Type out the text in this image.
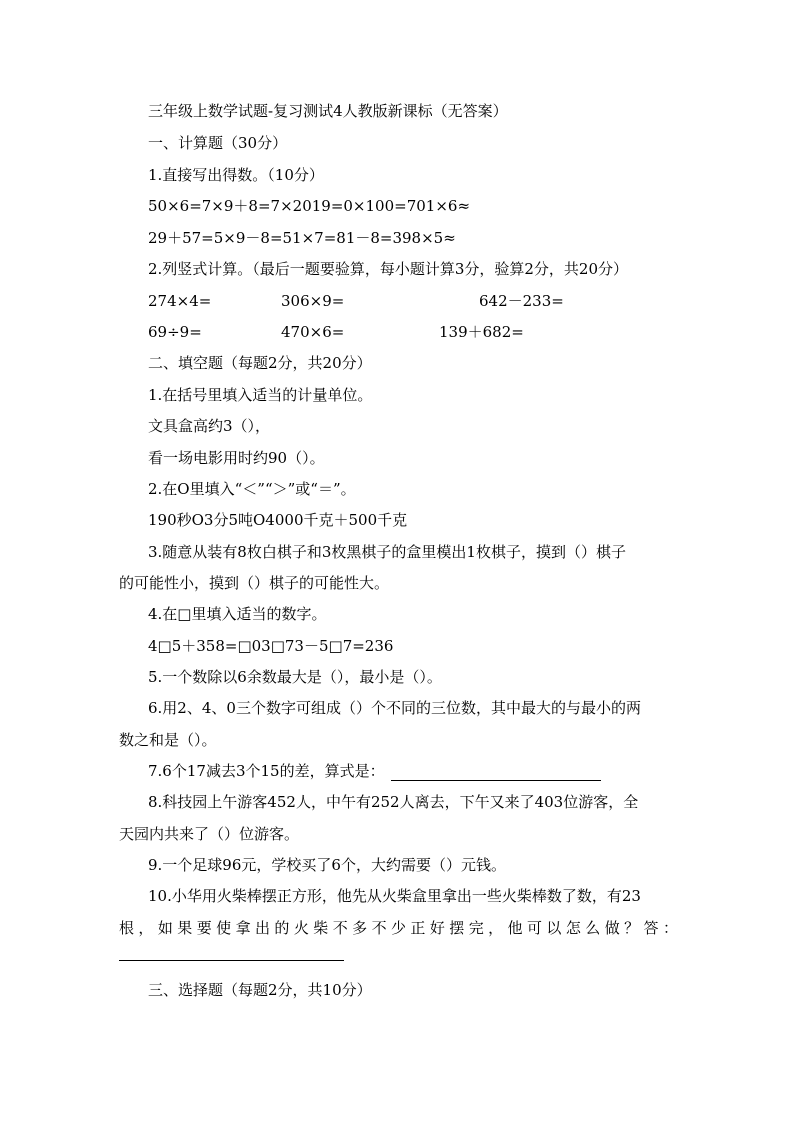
三年级上数学试题-复习测试4人教版新课标（无答案）
一、计算题（30分）
1.直接写出得数。（10分）
50×6=7×9＋8=7×2019=0×100=701×6≈
29＋57=5×9－8=51×7=81－8=398×5≈
2.列竖式计算。（最后一题要验算，每小题计算3分，验算2分，共20分）
274×4=	306×9=	642－233=
69÷9=	470×6=	139＋682=
二、填空题（每题2分，共20分）
1.在括号里填入适当的计量单位。
文具盒高约3（），
看一场电影用时约90（）。
2.在O里填入“＜”“＞”或“＝”。
190秒O3分5吨O4000千克＋500千克
3.随意从装有8枚白棋子和3枚黑棋子的盒里模出1枚棋子，摸到（）棋子
的可能性小，摸到（）棋子的可能性大。
4.在□里填入适当的数字。
4□5＋358=□03□73－5□7=236
5.一个数除以6余数最大是（），最小是（）。
6.用2、4、0三个数字可组成（）个不同的三位数，其中最大的与最小的两
数之和是（）。
7.6个17减去3个15的差，算式是：
8.科技园上午游客452人，中午有252人离去，下午又来了403位游客，全
天园内共来了（）位游客。
9.一个足球96元，学校买了6个，大约需要（）元钱。
10.小华用火柴棒摆正方形，他先从火柴盒里拿出一些火柴棒数了数，有23
根，如果要使拿出的火柴不多不少正好摆完，他可以怎么做？答：
三、选择题（每题2分，共10分）
